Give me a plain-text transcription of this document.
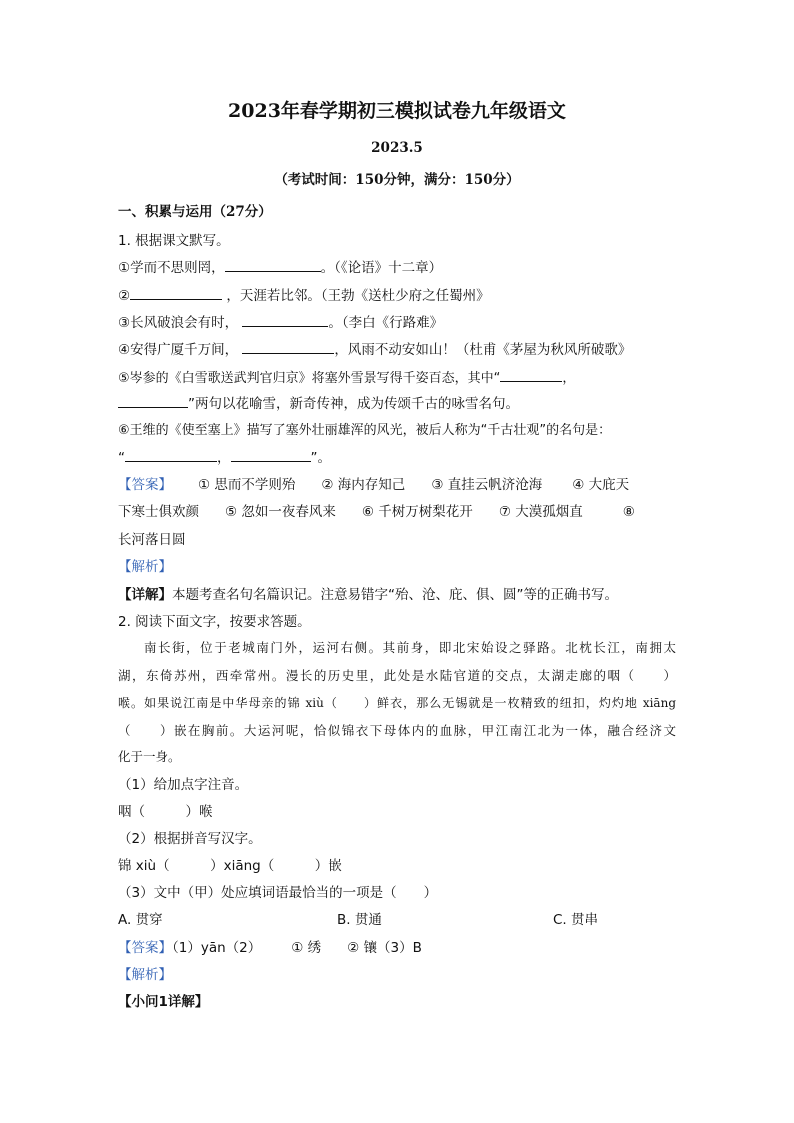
2023年春学期初三模拟试卷九年级语文
2023.5
（考试时间：150分钟，满分：150分）
一、积累与运用（27分）
1. 根据课文默写。
①学而不思则罔，	。（《论语》十二章）
②	，天涯若比邻。（王勃《送杜少府之任蜀州》
③长风破浪会有时，	。（李白《行路难》
④安得广厦千万间，	，风雨不动安如山！（杜甫《茅屋为秋风所破歌》
⑤岑参的《白雪歌送武判官归京》将塞外雪景写得千姿百态，其中“	，
”两句以花喻雪，新奇传神，成为传颂千古的咏雪名句。
⑥王维的《使至塞上》描写了塞外壮丽雄浑的风光，被后人称为“千古壮观”的名句是：
“	，	”。
【答案】 ① 思而不学则殆 ② 海内存知己 ③ 直挂云帆济沧海 ④ 大庇天
下寒士俱欢颜 ⑤ 忽如一夜春风来 ⑥ 千树万树梨花开 ⑦ 大漠孤烟直	⑧
长河落日圆
【解析】
【详解】本题考查名句名篇识记。注意易错字“殆、沧、庇、俱、圆”等的正确书写。
2. 阅读下面文字，按要求答题。
南长街，位于老城南门外，运河右侧。其前身，即北宋始设之驿路。北枕长江，南拥太
湖，东倚苏州，西牵常州。漫长的历史里，此处是水陆官道的交点，太湖走廊的咽（　　）
喉。如果说江南是中华母亲的锦 xiù（　　）鲜衣，那么无锡就是一枚精致的纽扣，灼灼地 xiāng
（　　）嵌在胸前。大运河呢，恰似锦衣下母体内的血脉，甲江南江北为一体，融合经济文
化于一身。
（1）给加点字注音。
咽（　　　）喉
（2）根据拼音写汉字。
锦 xiù（　　　）xiāng（　　　）嵌
（3）文中（甲）处应填词语最恰当的一项是（　　）
A. 贯穿	B. 贯通	C. 贯串
【答案】（1）yān（2） ① 绣 ② 镶（3）B
【解析】
【小问1详解】
